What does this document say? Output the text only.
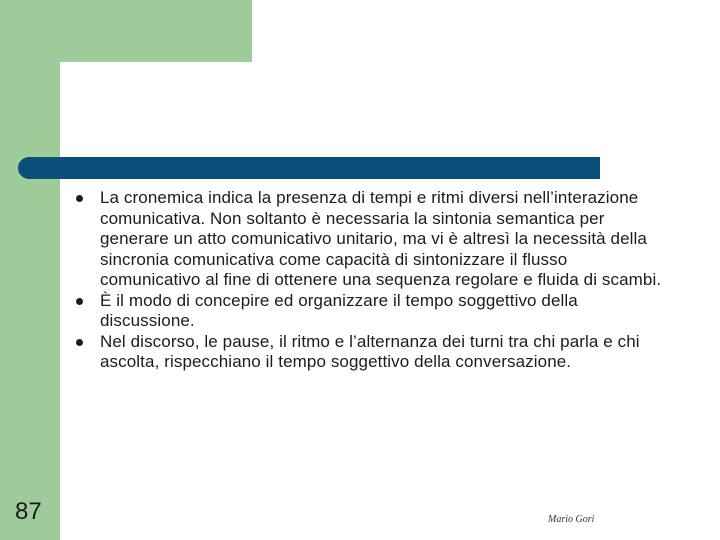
La cronemica indica la presenza di tempi e ritmi diversi nell’interazione comunicativa. Non soltanto è necessaria la sintonia semantica per generare un atto comunicativo unitario, ma vi è altresì la necessità della sincronia comunicativa come capacità di sintonizzare il flusso comunicativo al fine di ottenere una sequenza regolare e fluida di scambi.
È il modo di concepire ed organizzare il tempo soggettivo della discussione.
Nel discorso, le pause, il ritmo e l’alternanza dei turni tra chi parla e chi ascolta, rispecchiano il tempo soggettivo della conversazione.
87	Mario Gori
